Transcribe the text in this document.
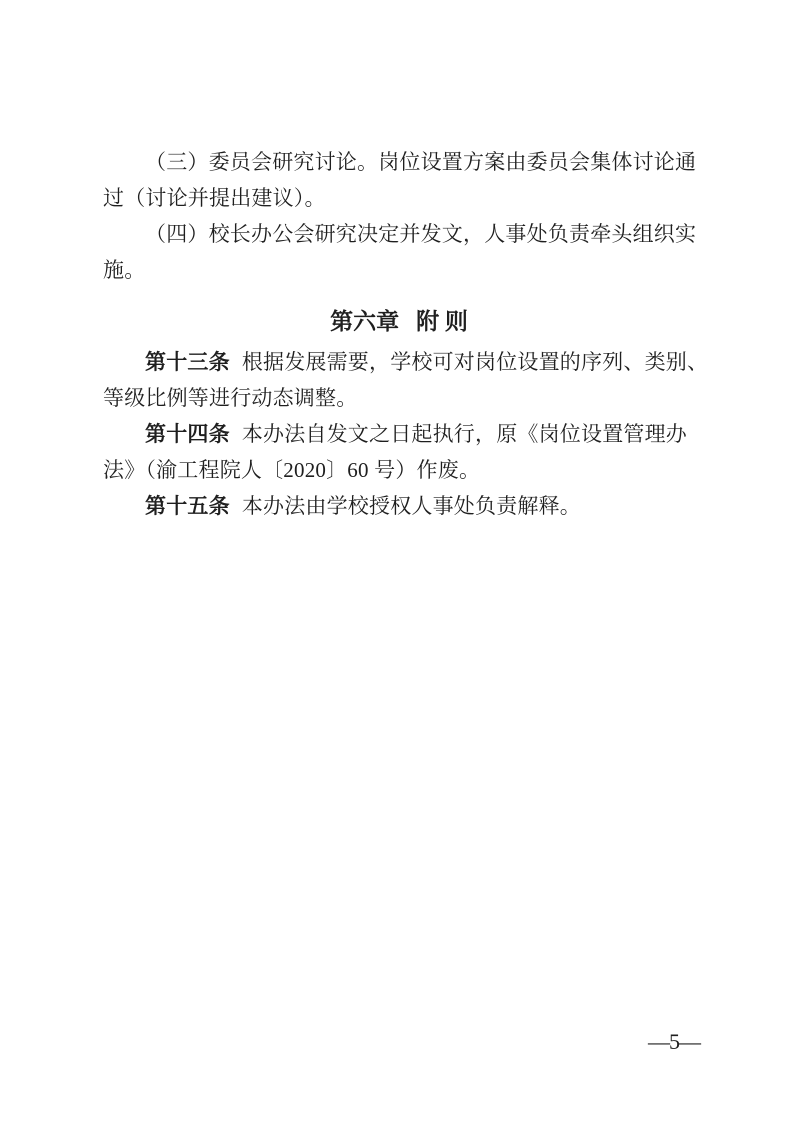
（三）委员会研究讨论。岗位设置方案由委员会集体讨论通
过（讨论并提出建议）。
（四）校长办公会研究决定并发文，人事处负责牵头组织实
施。
第六章 附 则
第十三条 根据发展需要，学校可对岗位设置的序列、类别、
等级比例等进行动态调整。
第十四条 本办法自发文之日起执行，原《岗位设置管理办
法》（渝工程院人〔2020〕60 号）作废。
第十五条 本办法由学校授权人事处负责解释。
—5—
